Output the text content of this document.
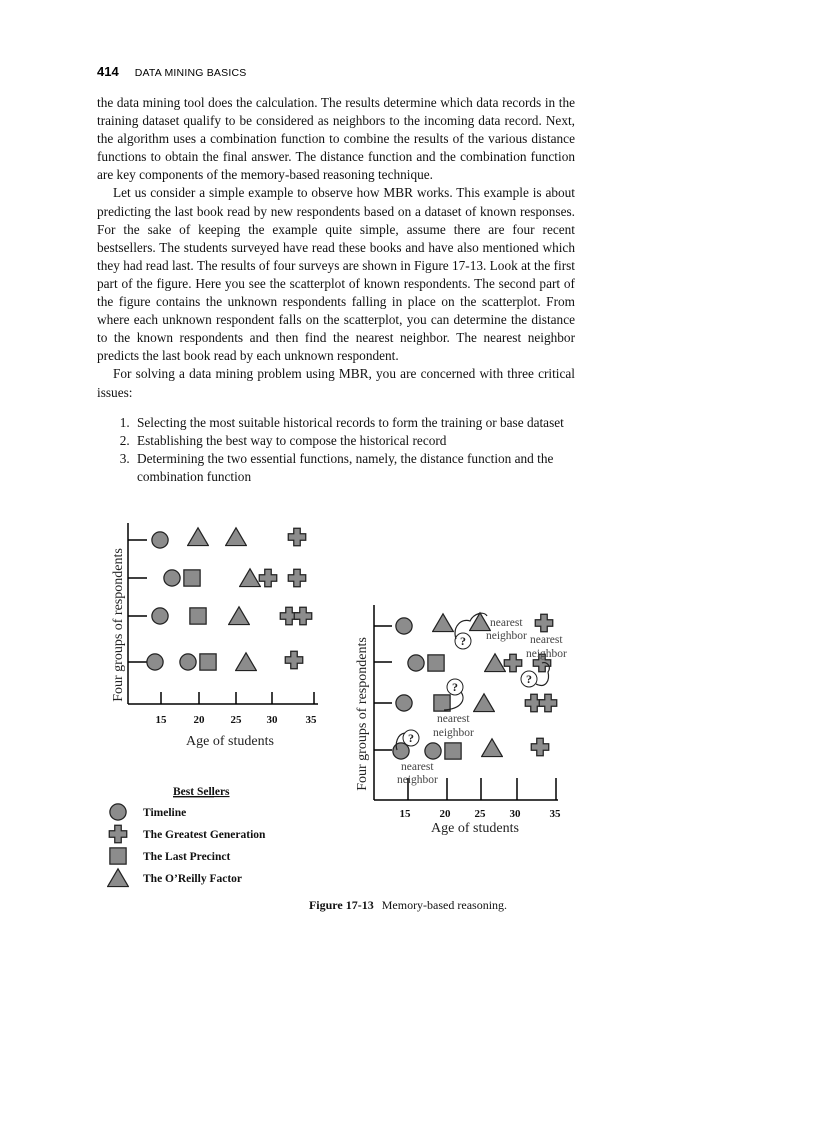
414 DATA MINING BASICS

the data mining tool does the calculation. The results determine which data records in the training dataset qualify to be considered as neighbors to the incoming data record. Next, the algorithm uses a combination function to combine the results of the various distance functions to obtain the final answer. The distance function and the combination function are key components of the memory-based reasoning technique.

Let us consider a simple example to observe how MBR works. This example is about predicting the last book read by new respondents based on a dataset of known responses. For the sake of keeping the example quite simple, assume there are four recent bestsellers. The students surveyed have read these books and have also mentioned which they had read last. The results of four surveys are shown in Figure 17-13. Look at the first part of the figure. Here you see the scatterplot of known respondents. The second part of the figure contains the unknown respondents falling in place on the scatterplot. From where each unknown respondent falls on the scatterplot, you can determine the distance to the known respondents and then find the nearest neighbor. The nearest neighbor predicts the last book read by each unknown respondent.

For solving a data mining problem using MBR, you are concerned with three critical issues:

1. Selecting the most suitable historical records to form the training or base dataset
2. Establishing the best way to compose the historical record
3. Determining the two essential functions, namely, the distance function and the combination function
15 20 25 30	35
Age of students
Four groups of respondents
15	20 25 30	35
Age of students
Four groups of respondents	?
?
?
?
nearest
neighbor nearest
neighbor
nearest
neighbor
nearest
neighbor
Best Sellers
Timeline
The Greatest Generation
The Last Precinct
The O’Reilly Factor
Figure 17-13 Memory-based reasoning.
